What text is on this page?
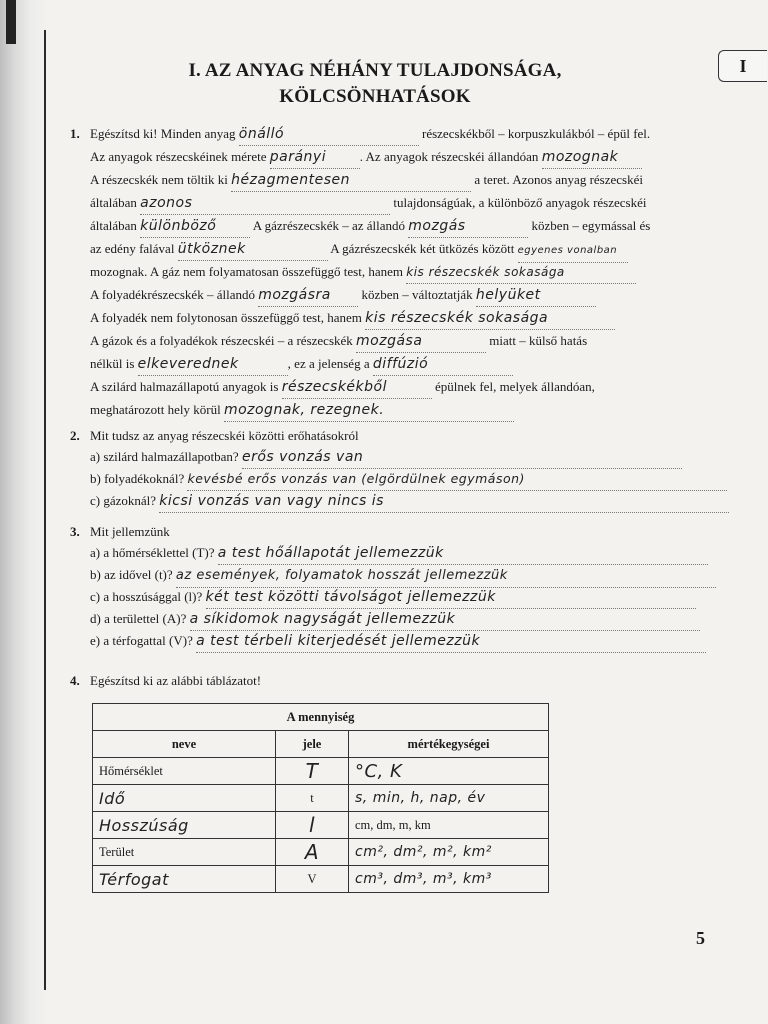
I. AZ ANYAG NÉHÁNY TULAJDONSÁGA,
KÖLCSÖNHATÁSOK
I
1. Egészítsd ki! Minden anyag önálló	részecskékből – korpuszkulákból – épül fel.
Az anyagok részecskéinek mérete parányi	. Az anyagok részecskéi állandóan mozognak
A részecskék nem töltik ki hézagmentesen	a teret. Azonos anyag részecskéi
általában azonos	tulajdonságúak, a különböző anyagok részecskéi
általában különböző	A gázrészecskék – az állandó mozgás	közben – egymással és
az edény falával ütköznek	A gázrészecskék két ütközés között egyenes vonalban
mozognak. A gáz nem folyamatosan összefüggő test, hanem kis részecskék sokasága
A folyadékrészecskék – állandó mozgásra közben – változtatják helyüket
A folyadék nem folytonosan összefüggő test, hanem kis részecskék sokasága
A gázok és a folyadékok részecskéi – a részecskék mozgása	miatt – külső hatás
nélkül is elkeverednek	, ez a jelenség a diffúzió
A szilárd halmazállapotú anyagok is részecskékből	épülnek fel, melyek állandóan,
meghatározott hely körül mozognak, rezegnek.
2. Mit tudsz az anyag részecskéi közötti erőhatásokról
a) szilárd halmazállapotban? erős vonzás van
b) folyadékoknál? kevésbé erős vonzás van (elgördülnek egymáson)
c) gázoknál? kicsi vonzás van vagy nincs is
3. Mit jellemzünk
a) a hőmérséklettel (T)? a test hőállapotát jellemezzük
b) az idővel (t)? az események, folyamatok hosszát jellemezzük
c) a hosszúsággal (l)? két test közötti távolságot jellemezzük
d) a területtel (A)? a síkidomok nagyságát jellemezzük
e) a térfogattal (V)? a test térbeli kiterjedését jellemezzük
4. Egészítsd ki az alábbi táblázatot!
A mennyiség		
neve	jele	mértékegységei
Hőmérséklet	T	°C, K
Idő	t	s, min, h, nap, év
Hosszúság	l	cm, dm, m, km
Terület	A	cm², dm², m², km²
Térfogat	V	cm³, dm³, m³, km³
5
